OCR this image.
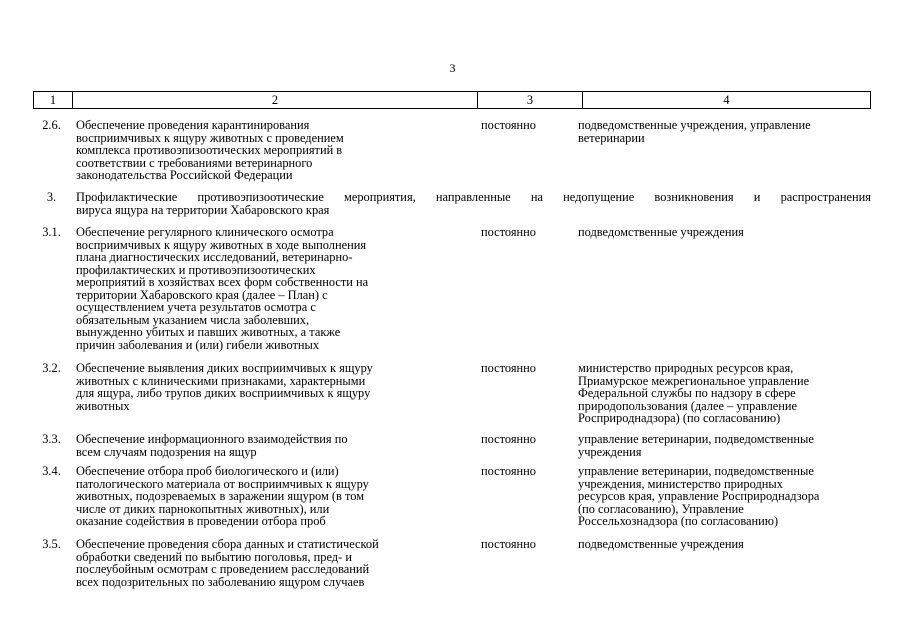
3
1	2	3	4
2.6.	Обеспечение проведения карантинирования
восприимчивых к ящуру животных с проведением
комплекса противоэпизоотических мероприятий в
соответствии с требованиями ветеринарного
законодательства Российской Федерации
постоянно	подведомственные учреждения, управление
ветеринарии
3.	Профилактические противоэпизоотические мероприятия, направленные на недопущение возникновения и распространения
вируса ящура на территории Хабаровского края
3.1.	Обеспечение регулярного клинического осмотра
восприимчивых к ящуру животных в ходе выполнения
плана диагностических исследований, ветеринарно-
профилактических и противоэпизоотических
мероприятий в хозяйствах всех форм собственности на
территории Хабаровского края (далее – План) с
осуществлением учета результатов осмотра с
обязательным указанием числа заболевших,
вынужденно убитых и павших животных, а также
причин заболевания и (или) гибели животных
постоянно	подведомственные учреждения
3.2.	Обеспечение выявления диких восприимчивых к ящуру
животных с клиническими признаками, характерными
для ящура, либо трупов диких восприимчивых к ящуру
животных
постоянно	министерство природных ресурсов края,
Приамурское межрегиональное управление
Федеральной службы по надзору в сфере
природопользования (далее – управление
Росприроднадзора) (по согласованию)
3.3.	Обеспечение информационного взаимодействия по
всем случаям подозрения на ящур
постоянно	управление ветеринарии, подведомственные
учреждения
3.4.	Обеспечение отбора проб биологического и (или)
патологического материала от восприимчивых к ящуру
животных, подозреваемых в заражении ящуром (в том
числе от диких парнокопытных животных), или
оказание содействия в проведении отбора проб
постоянно	управление ветеринарии, подведомственные
учреждения, министерство природных
ресурсов края, управление Росприроднадзора
(по согласованию), Управление
Россельхознадзора (по согласованию)
3.5.	Обеспечение проведения сбора данных и статистической
обработки сведений по выбытию поголовья, пред- и
послеубойным осмотрам с проведением расследований
всех подозрительных по заболеванию ящуром случаев
постоянно	подведомственные учреждения
